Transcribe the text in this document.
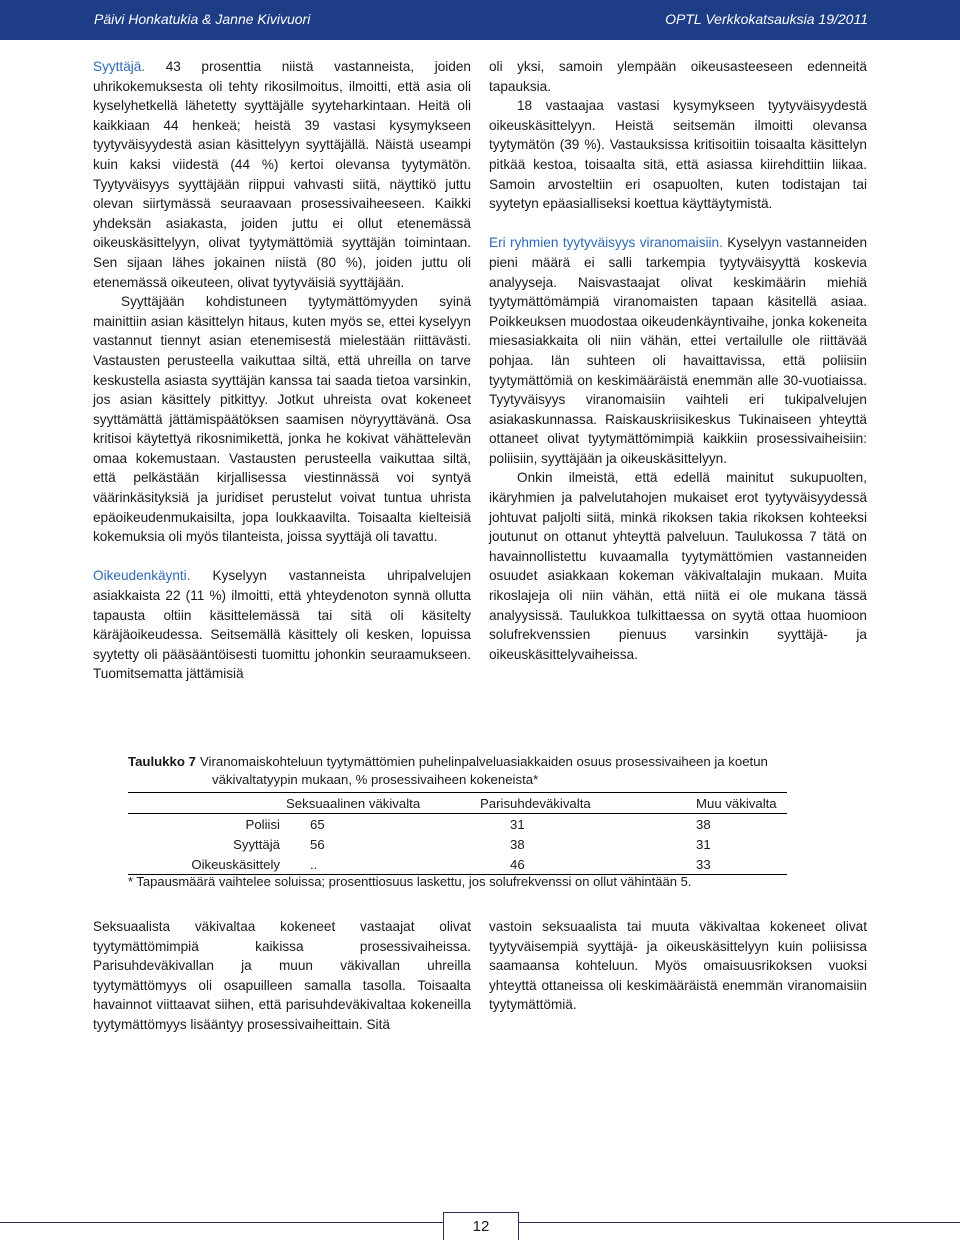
Päivi Honkatukia & Janne Kivivuori	OPTL Verkkokatsauksia 19/2011

Syyttäjä. 43 prosenttia niistä vastanneista, joiden uhrikokemuksesta oli tehty rikosilmoitus, ilmoitti, että asia oli kyselyhetkellä lähetetty syyttäjälle syyteharkintaan. Heitä oli kaikkiaan 44 henkeä; heistä 39 vastasi kysymykseen tyytyväisyydestä asian käsittelyyn syyttäjällä. Näistä useampi kuin kaksi viidestä (44 %) kertoi olevansa tyytymätön. Tyytyväisyys syyttäjään riippui vahvasti siitä, näyttikö juttu olevan siirtymässä seuraavaan prosessivaiheeseen. Kaikki yhdeksän asiakasta, joiden juttu ei ollut etenemässä oikeuskäsittelyyn, olivat tyytymättömiä syyttäjän toimintaan. Sen sijaan lähes jokainen niistä (80 %), joiden juttu oli etenemässä oikeuteen, olivat tyytyväisiä syyttäjään.

Syyttäjään kohdistuneen tyytymättömyyden syinä mainittiin asian käsittelyn hitaus, kuten myös se, ettei kyselyyn vastannut tiennyt asian etenemisestä mielestään riittävästi. Vastausten perusteella vaikuttaa siltä, että uhreilla on tarve keskustella asiasta syyttäjän kanssa tai saada tietoa varsinkin, jos asian käsittely pitkittyy. Jotkut uhreista ovat kokeneet syyttämättä jättämispäätöksen saamisen nöyryyttävänä. Osa kritisoi käytettyä rikosnimikettä, jonka he kokivat vähättelevän omaa kokemustaan. Vastausten perusteella vaikuttaa siltä, että pelkästään kirjallisessa viestinnässä voi syntyä väärinkäsityksiä ja juridiset perustelut voivat tuntua uhrista epäoikeudenmukaisilta, jopa loukkaavilta. Toisaalta kielteisiä kokemuksia oli myös tilanteista, joissa syyttäjä oli tavattu.

Oikeudenkäynti. Kyselyyn vastanneista uhripalvelujen asiakkaista 22 (11 %) ilmoitti, että yhteydenoton synnä ollutta tapausta oltiin käsittelemässä tai sitä oli käsitelty käräjäoikeudessa. Seitsemällä käsittely oli kesken, lopuissa syytetty oli pääsääntöisesti tuomittu johonkin seuraamukseen. Tuomitsematta jättämisiä

oli yksi, samoin ylempään oikeusasteeseen edenneitä tapauksia.

18 vastaajaa vastasi kysymykseen tyytyväisyydestä oikeuskäsittelyyn. Heistä seitsemän ilmoitti olevansa tyytymätön (39 %). Vastauksissa kritisoitiin toisaalta käsittelyn pitkää kestoa, toisaalta sitä, että asiassa kiirehdittiin liikaa. Samoin arvosteltiin eri osapuolten, kuten todistajan tai syytetyn epäasialliseksi koettua käyttäytymistä.

Eri ryhmien tyytyväisyys viranomaisiin. Kyselyyn vastanneiden pieni määrä ei salli tarkempia tyytyväisyyttä koskevia analyyseja. Naisvastaajat olivat keskimäärin miehiä tyytymättömämpiä viranomaisten tapaan käsitellä asiaa. Poikkeuksen muodostaa oikeudenkäyntivaihe, jonka kokeneita miesasiakkaita oli niin vähän, ettei vertailulle ole riittävää pohjaa. Iän suhteen oli havaittavissa, että poliisiin tyytymättömiä on keskimääräistä enemmän alle 30-vuotiaissa. Tyytyväisyys viranomaisiin vaihteli eri tukipalvelujen asiakaskunnassa. Raiskauskriisikeskus Tukinaiseen yhteyttä ottaneet olivat tyytymättömimpiä kaikkiin prosessivaiheisiin: poliisiin, syyttäjään ja oikeuskäsittelyyn.

Onkin ilmeistä, että edellä mainitut sukupuolten, ikäryhmien ja palvelutahojen mukaiset erot tyytyväisyydessä johtuvat paljolti siitä, minkä rikoksen takia rikoksen kohteeksi joutunut on ottanut yhteyttä palveluun. Taulukossa 7 tätä on havainnollistettu kuvaamalla tyytymättömien vastanneiden osuudet asiakkaan kokeman väkivaltalajin mukaan. Muita rikoslajeja oli niin vähän, että niitä ei ole mukana tässä analyysissä. Taulukkoa tulkittaessa on syytä ottaa huomioon solufrekvenssien pienuus varsinkin syyttäjä- ja oikeuskäsittelyvaiheissa.

Taulukko 7 Viranomaiskohteluun tyytymättömien puhelinpalveluasiakkaiden osuus prosessivaiheen ja koetun
väkivaltatyypin mukaan, % prosessivaiheen kokeneista*
	Seksuaalinen väkivalta	Parisuhdeväkivalta	Muu väkivalta
Poliisi	65	31	38
Syyttäjä	56	38	31
Oikeuskäsittely	..	46	33
* Tapausmäärä vaihtelee soluissa; prosenttiosuus laskettu, jos solufrekvenssi on ollut vähintään 5.

Seksuaalista väkivaltaa kokeneet vastaajat olivat tyytymättömimpiä kaikissa prosessivaiheissa. Parisuhdeväkivallan ja muun väkivallan uhreilla tyytymättömyys oli osapuilleen samalla tasolla. Toisaalta havainnot viittaavat siihen, että parisuhdeväkivaltaa kokeneilla tyytymättömyys lisääntyy prosessivaiheittain. Sitä

vastoin seksuaalista tai muuta väkivaltaa kokeneet olivat tyytyväisempiä syyttäjä- ja oikeuskäsittelyyn kuin poliisissa saamaansa kohteluun. Myös omaisuusrikoksen vuoksi yhteyttä ottaneissa oli keskimääräistä enemmän viranomaisiin tyytymättömiä.

12
